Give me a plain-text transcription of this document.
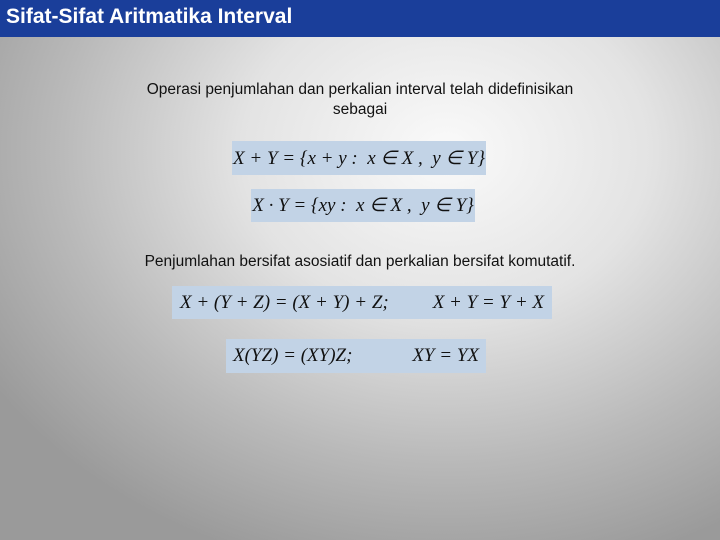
Sifat-Sifat Aritmatika Interval
Operasi penjumlahan dan perkalian interval telah didefinisikan
sebagai
X + Y = {x + y :  x ∈ X ,  y ∈ Y}
X · Y = {xy :  x ∈ X ,  y ∈ Y}
Penjumlahan bersifat asosiatif dan perkalian bersifat komutatif.
X + (Y + Z) = (X + Y) + Z; X + Y = Y + X
X(YZ) = (XY)Z;	XY = YX
